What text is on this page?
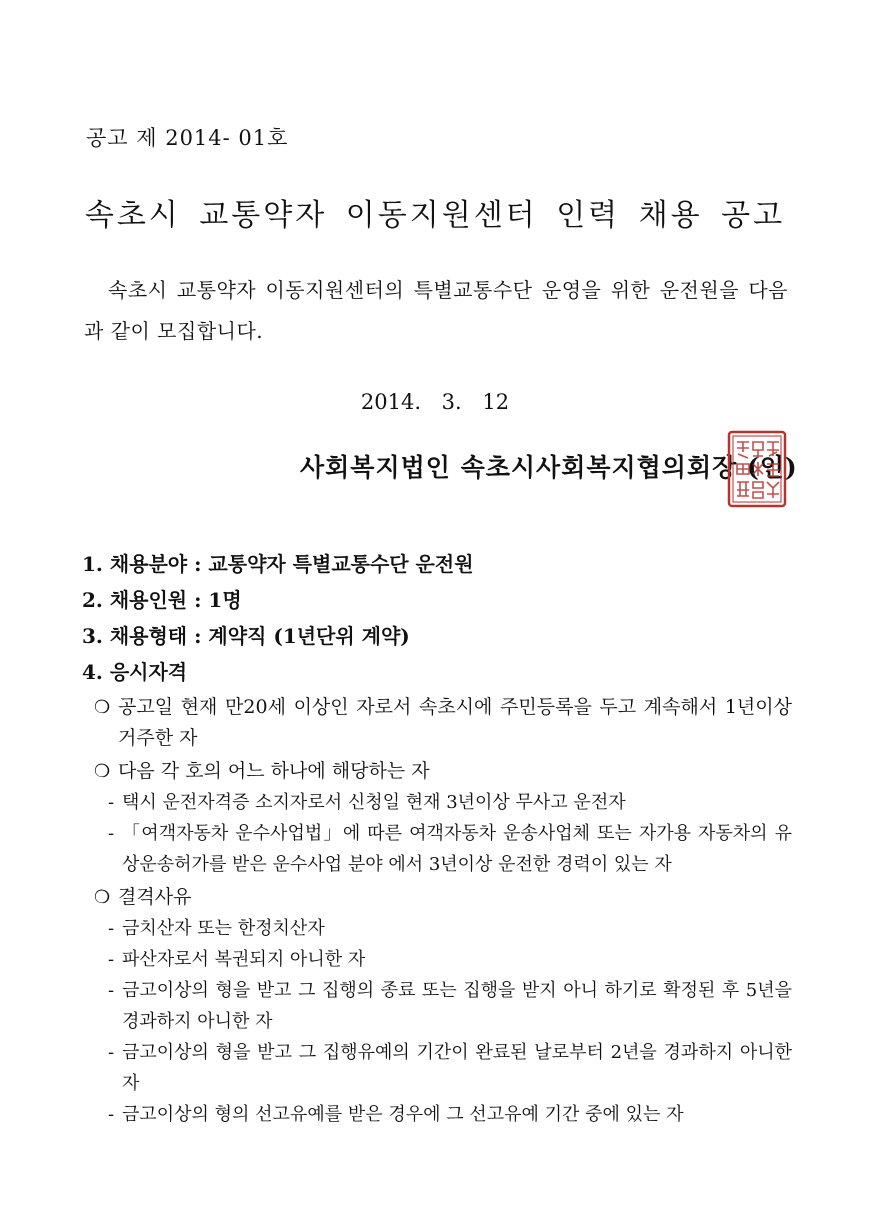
공고 제 2014- 01호
속초시 교통약자 이동지원센터 인력 채용 공고
속초시 교통약자 이동지원센터의 특별교통수단 운영을 위한 운전원을 다음과 같이 모집합니다.
2014. 3. 12
사회복지법인 속초시사회복지협의회장 (인)

1. 채용분야 : 교통약자 특별교통수단 운전원

2. 채용인원 : 1명

3. 채용형태 : 계약직 (1년단위 계약)

4. 응시자격

❍ 공고일 현재 만20세 이상인 자로서 속초시에 주민등록을 두고 계속해서 1년이상 거주한 자
❍ 다음 각 호의 어느 하나에 해당하는 자
- 택시 운전자격증 소지자로서 신청일 현재 3년이상 무사고 운전자
- 「여객자동차 운수사업법」에 따른 여객자동차 운송사업체 또는 자가용 자동차의 유상운송허가를 받은 운수사업 분야 에서 3년이상 운전한 경력이 있는 자
❍ 결격사유
- 금치산자 또는 한정치산자
- 파산자로서 복권되지 아니한 자
- 금고이상의 형을 받고 그 집행의 종료 또는 집행을 받지 아니 하기로 확정된 후 5년을 경과하지 아니한 자
- 금고이상의 형을 받고 그 집행유예의 기간이 완료된 날로부터 2년을 경과하지 아니한 자
- 금고이상의 형의 선고유예를 받은 경우에 그 선고유예 기간 중에 있는 자
